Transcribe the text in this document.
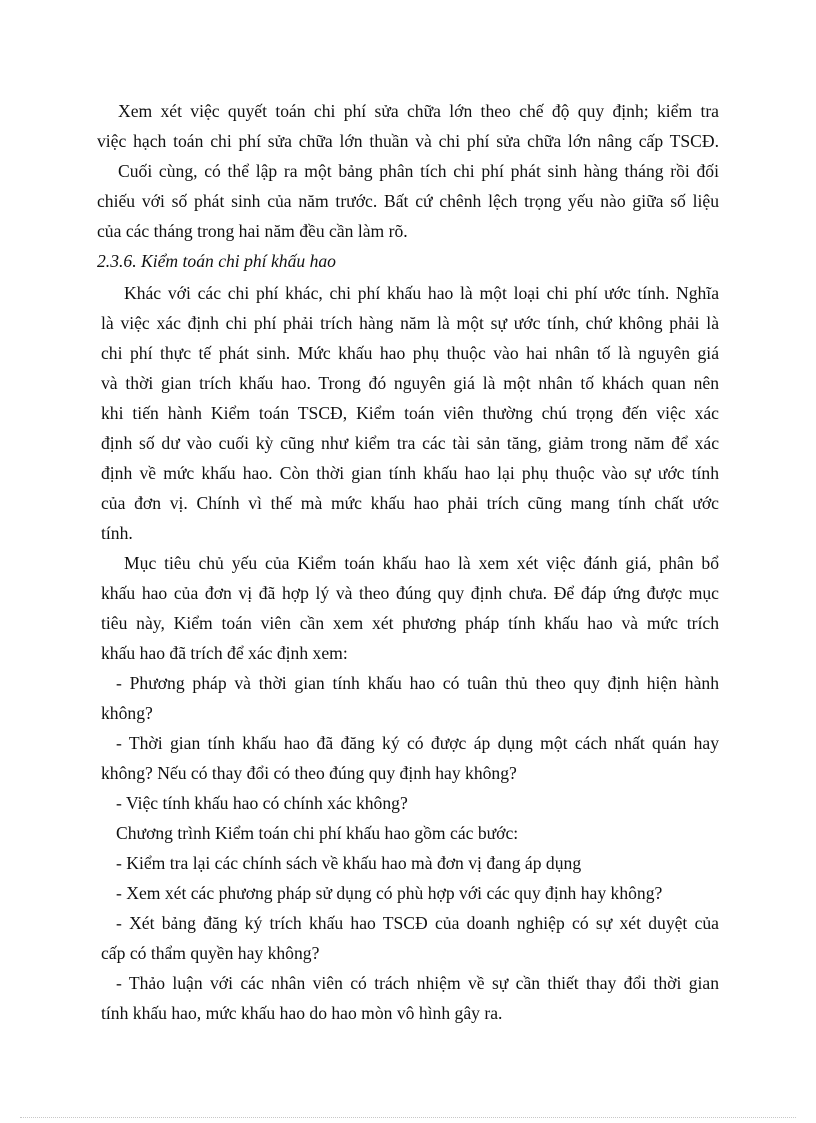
Xem xét việc quyết toán chi phí sửa chữa lớn theo chế độ quy định; kiểm tra

việc hạch toán chi phí sửa chữa lớn thuần và chi phí sửa chữa lớn nâng cấp TSCĐ.

Cuối cùng, có thể lập ra một bảng phân tích chi phí phát sinh hàng tháng rồi đối

chiếu với số phát sinh của năm trước. Bất cứ chênh lệch trọng yếu nào giữa số liệu

của các tháng trong hai năm đều cần làm rõ.

2.3.6. Kiểm toán chi phí khấu hao

Khác với các chi phí khác, chi phí khấu hao là một loại chi phí ước tính. Nghĩa

là việc xác định chi phí phải trích hàng năm là một sự ước tính, chứ không phải là

chi phí thực tế phát sinh. Mức khấu hao phụ thuộc vào hai nhân tố là nguyên giá

và thời gian trích khấu hao. Trong đó nguyên giá là một nhân tố khách quan nên

khi tiến hành Kiểm toán TSCĐ, Kiểm toán viên thường chú trọng đến việc xác

định số dư vào cuối kỳ cũng như kiểm tra các tài sản tăng, giảm trong năm để xác

định về mức khấu hao. Còn thời gian tính khấu hao lại phụ thuộc vào sự ước tính

của đơn vị. Chính vì thế mà mức khấu hao phải trích cũng mang tính chất ước

tính.

Mục tiêu chủ yếu của Kiểm toán khấu hao là xem xét việc đánh giá, phân bổ

khấu hao của đơn vị đã hợp lý và theo đúng quy định chưa. Để đáp ứng được mục

tiêu này, Kiểm toán viên cần xem xét phương pháp tính khấu hao và mức trích

khấu hao đã trích để xác định xem:

- Phương pháp và thời gian tính khấu hao có tuân thủ theo quy định hiện hành

không?

- Thời gian tính khấu hao đã đăng ký có được áp dụng một cách nhất quán hay

không? Nếu có thay đổi có theo đúng quy định hay không?

- Việc tính khấu hao có chính xác không?

Chương trình Kiểm toán chi phí khấu hao gồm các bước:

- Kiểm tra lại các chính sách về khấu hao mà đơn vị đang áp dụng

- Xem xét các phương pháp sử dụng có phù hợp với các quy định hay không?

- Xét bảng đăng ký trích khấu hao TSCĐ của doanh nghiệp có sự xét duyệt của

cấp có thẩm quyền hay không?

- Thảo luận với các nhân viên có trách nhiệm về sự cần thiết thay đổi thời gian

tính khấu hao, mức khấu hao do hao mòn vô hình gây ra.
